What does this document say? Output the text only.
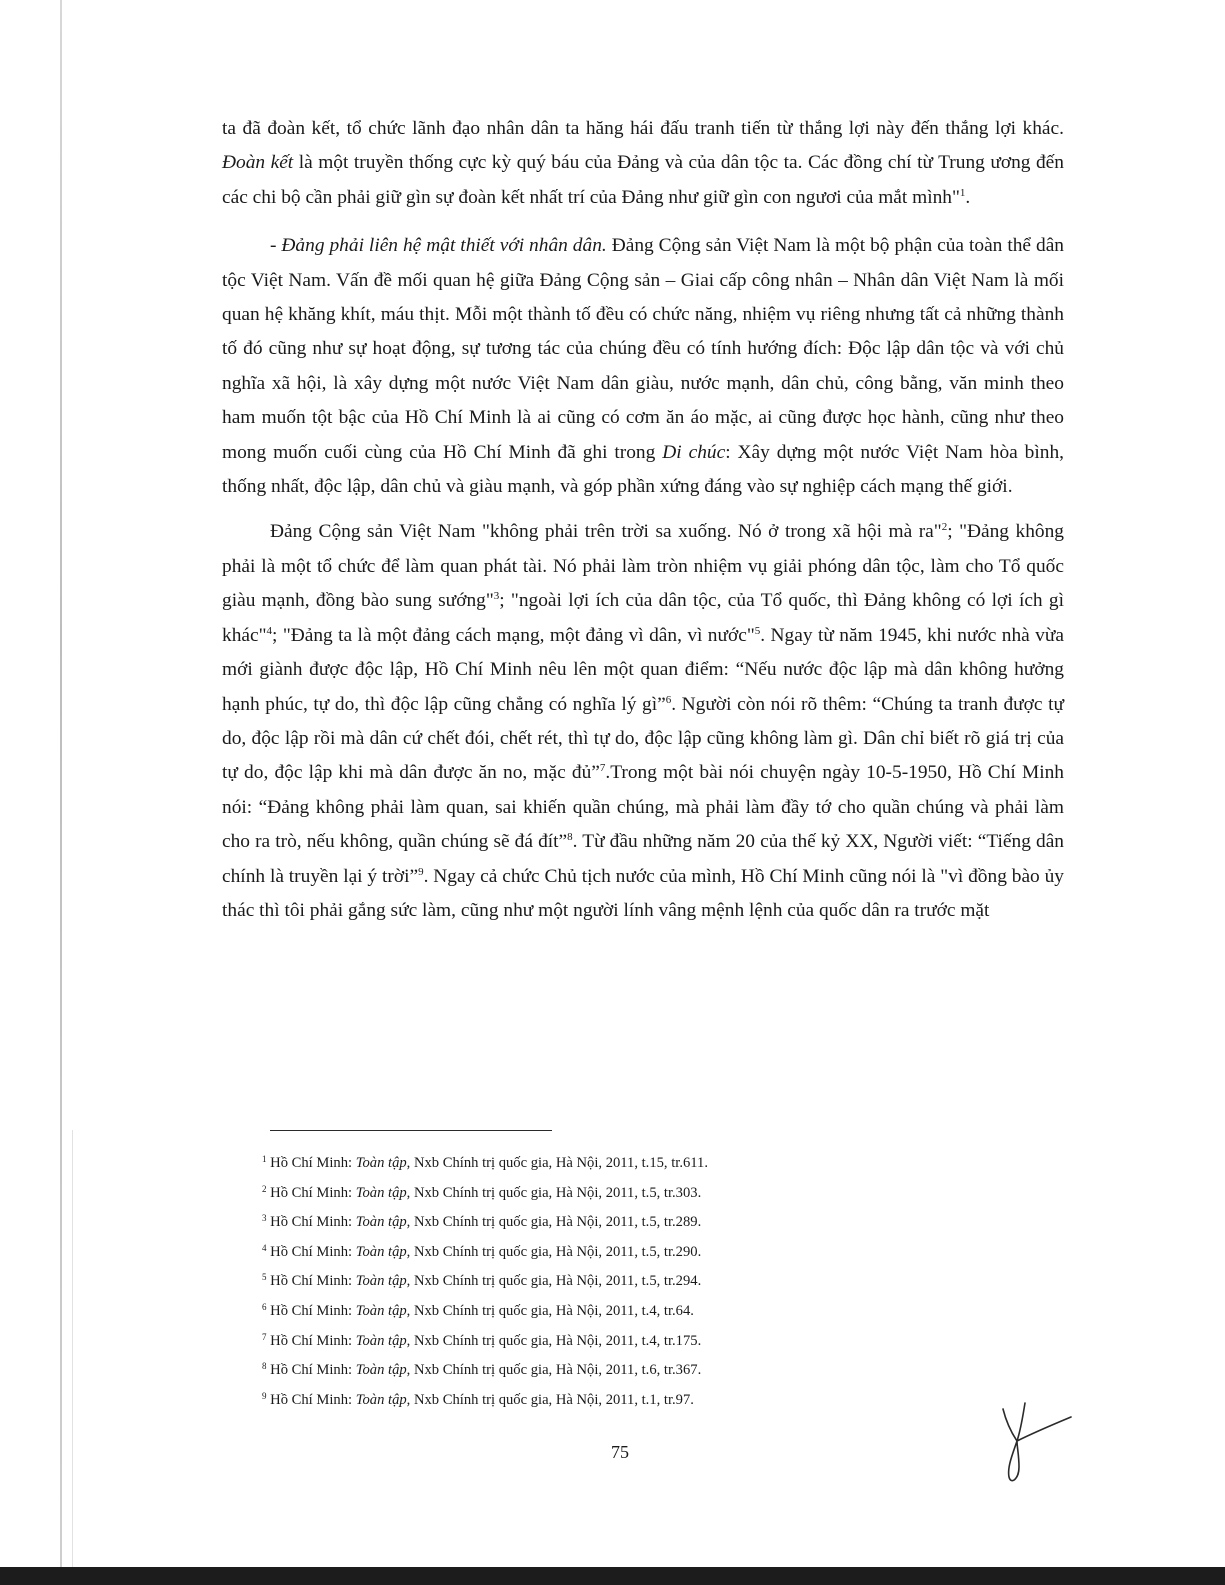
ta đã đoàn kết, tổ chức lãnh đạo nhân dân ta hăng hái đấu tranh tiến từ thắng lợi này đến thắng lợi khác. Đoàn kết là một truyền thống cực kỳ quý báu của Đảng và của dân tộc ta. Các đồng chí từ Trung ương đến các chi bộ cần phải giữ gìn sự đoàn kết nhất trí của Đảng như giữ gìn con ngươi của mắt mình"$^1$.

- Đảng phải liên hệ mật thiết với nhân dân. Đảng Cộng sản Việt Nam là một bộ phận của toàn thể dân tộc Việt Nam. Vấn đề mối quan hệ giữa Đảng Cộng sản – Giai cấp công nhân – Nhân dân Việt Nam là mối quan hệ khăng khít, máu thịt. Mỗi một thành tố đều có chức năng, nhiệm vụ riêng nhưng tất cả những thành tố đó cũng như sự hoạt động, sự tương tác của chúng đều có tính hướng đích: Độc lập dân tộc và với chủ nghĩa xã hội, là xây dựng một nước Việt Nam dân giàu, nước mạnh, dân chủ, công bằng, văn minh theo ham muốn tột bậc của Hồ Chí Minh là ai cũng có cơm ăn áo mặc, ai cũng được học hành, cũng như theo mong muốn cuối cùng của Hồ Chí Minh đã ghi trong Di chúc: Xây dựng một nước Việt Nam hòa bình, thống nhất, độc lập, dân chủ và giàu mạnh, và góp phần xứng đáng vào sự nghiệp cách mạng thế giới.

Đảng Cộng sản Việt Nam "không phải trên trời sa xuống. Nó ở trong xã hội mà ra"$^2$; "Đảng không phải là một tổ chức để làm quan phát tài. Nó phải làm tròn nhiệm vụ giải phóng dân tộc, làm cho Tổ quốc giàu mạnh, đồng bào sung sướng"$^3$; "ngoài lợi ích của dân tộc, của Tổ quốc, thì Đảng không có lợi ích gì khác"$^4$; "Đảng ta là một đảng cách mạng, một đảng vì dân, vì nước"$^5$. Ngay từ năm 1945, khi nước nhà vừa mới giành được độc lập, Hồ Chí Minh nêu lên một quan điểm: “Nếu nước độc lập mà dân không hưởng hạnh phúc, tự do, thì độc lập cũng chẳng có nghĩa lý gì”$^6$. Người còn nói rõ thêm: “Chúng ta tranh được tự do, độc lập rồi mà dân cứ chết đói, chết rét, thì tự do, độc lập cũng không làm gì. Dân chỉ biết rõ giá trị của tự do, độc lập khi mà dân được ăn no, mặc đủ”$^7$.Trong một bài nói chuyện ngày 10-5-1950, Hồ Chí Minh nói: “Đảng không phải làm quan, sai khiến quần chúng, mà phải làm đầy tớ cho quần chúng và phải làm cho ra trò, nếu không, quần chúng sẽ đá đít”$^8$. Từ đầu những năm 20 của thế kỷ XX, Người viết: “Tiếng dân chính là truyền lại ý trời”$^9$. Ngay cả chức Chủ tịch nước của mình, Hồ Chí Minh cũng nói là "vì đồng bào ủy thác thì tôi phải gắng sức làm, cũng như một người lính vâng mệnh lệnh của quốc dân ra trước mặt

$^1$ Hồ Chí Minh: Toàn tập, Nxb Chính trị quốc gia, Hà Nội, 2011, t.15, tr.611.
$^2$ Hồ Chí Minh: Toàn tập, Nxb Chính trị quốc gia, Hà Nội, 2011, t.5, tr.303.
$^3$ Hồ Chí Minh: Toàn tập, Nxb Chính trị quốc gia, Hà Nội, 2011, t.5, tr.289.
$^4$ Hồ Chí Minh: Toàn tập, Nxb Chính trị quốc gia, Hà Nội, 2011, t.5, tr.290.
$^5$ Hồ Chí Minh: Toàn tập, Nxb Chính trị quốc gia, Hà Nội, 2011, t.5, tr.294.
$^6$ Hồ Chí Minh: Toàn tập, Nxb Chính trị quốc gia, Hà Nội, 2011, t.4, tr.64.
$^7$ Hồ Chí Minh: Toàn tập, Nxb Chính trị quốc gia, Hà Nội, 2011, t.4, tr.175.
$^8$ Hồ Chí Minh: Toàn tập, Nxb Chính trị quốc gia, Hà Nội, 2011, t.6, tr.367.
$^9$ Hồ Chí Minh: Toàn tập, Nxb Chính trị quốc gia, Hà Nội, 2011, t.1, tr.97.
75
